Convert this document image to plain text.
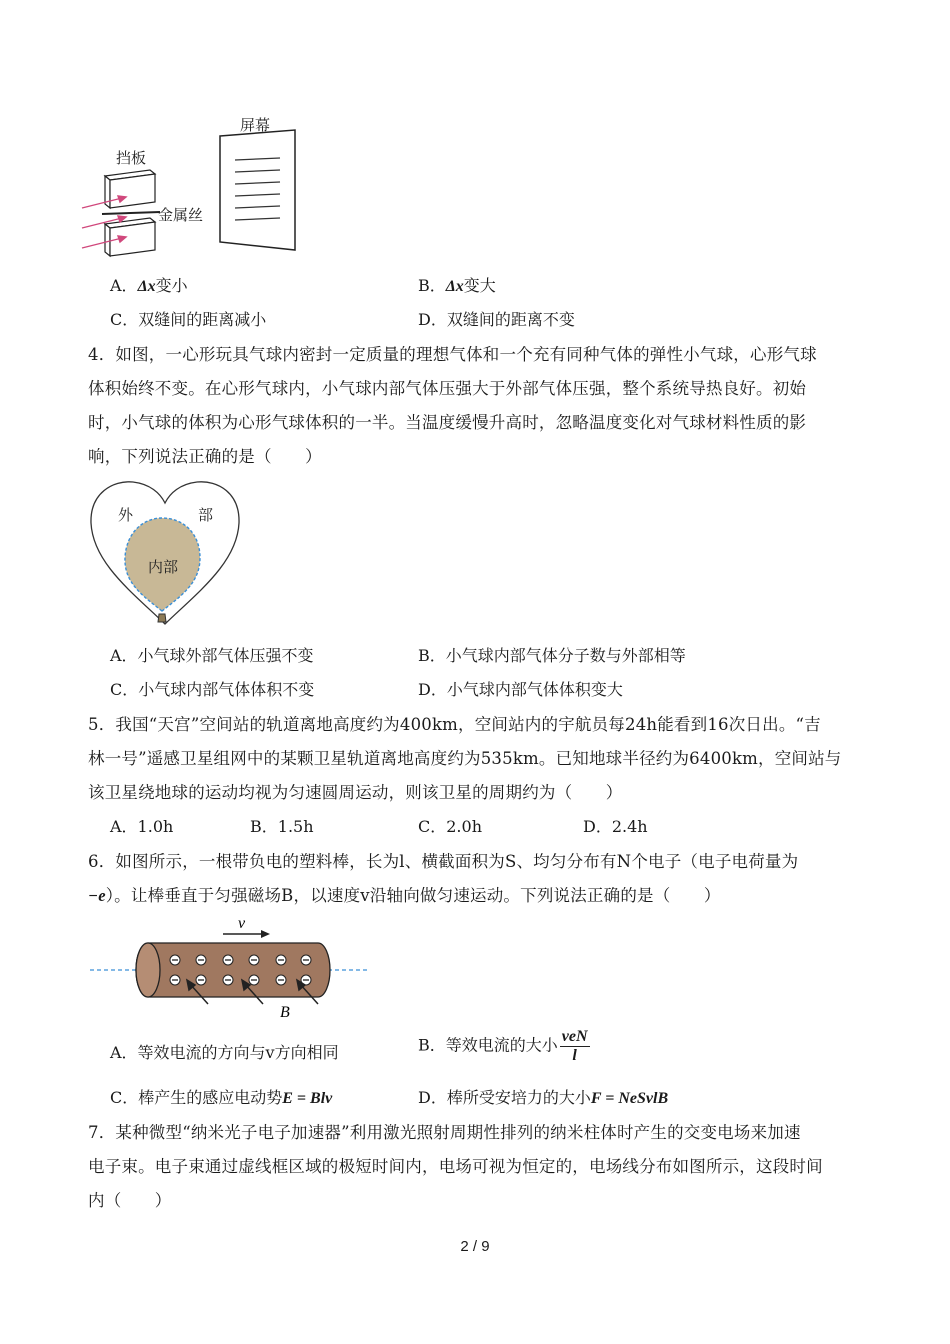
屏幕
挡板
金属丝
A．Δx变小	B．Δx变大
C．双缝间的距离减小	D．双缝间的距离不变
4．如图，一心形玩具气球内密封一定质量的理想气体和一个充有同种气体的弹性小气球，心形气球
体积始终不变。在心形气球内，小气球内部气体压强大于外部气体压强，整个系统导热良好。初始
时，小气球的体积为心形气球体积的一半。当温度缓慢升高时，忽略温度变化对气球材料性质的影
响，下列说法正确的是（　　）
外	部
内部
A．小气球外部气体压强不变	B．小气球内部气体分子数与外部相等
C．小气球内部气体体积不变	D．小气球内部气体体积变大
5．我国“天宫”空间站的轨道离地高度约为400km，空间站内的宇航员每24h能看到16次日出。“吉
林一号”遥感卫星组网中的某颗卫星轨道离地高度约为535km。已知地球半径约为6400km，空间站与
该卫星绕地球的运动均视为匀速圆周运动，则该卫星的周期约为（　　）
A．1.0h	B．1.5h	C．2.0h	D．2.4h
6．如图所示，一根带负电的塑料棒，长为l、横截面积为S、均匀分布有N个电子（电子电荷量为
−e）。让棒垂直于匀强磁场B，以速度v沿轴向做匀速运动。下列说法正确的是（　　）
v
B
A．等效电流的方向与v方向相同	B．等效电流的大小 $\frac{\text{veN}}{l}$
C．棒产生的感应电动势E = Blv	D．棒所受安培力的大小F = NeSvlB
7．某种微型“纳米光子电子加速器”利用激光照射周期性排列的纳米柱体时产生的交变电场来加速
电子束。电子束通过虚线框区域的极短时间内，电场可视为恒定的，电场线分布如图所示，这段时间
内（　　）
2 / 9
